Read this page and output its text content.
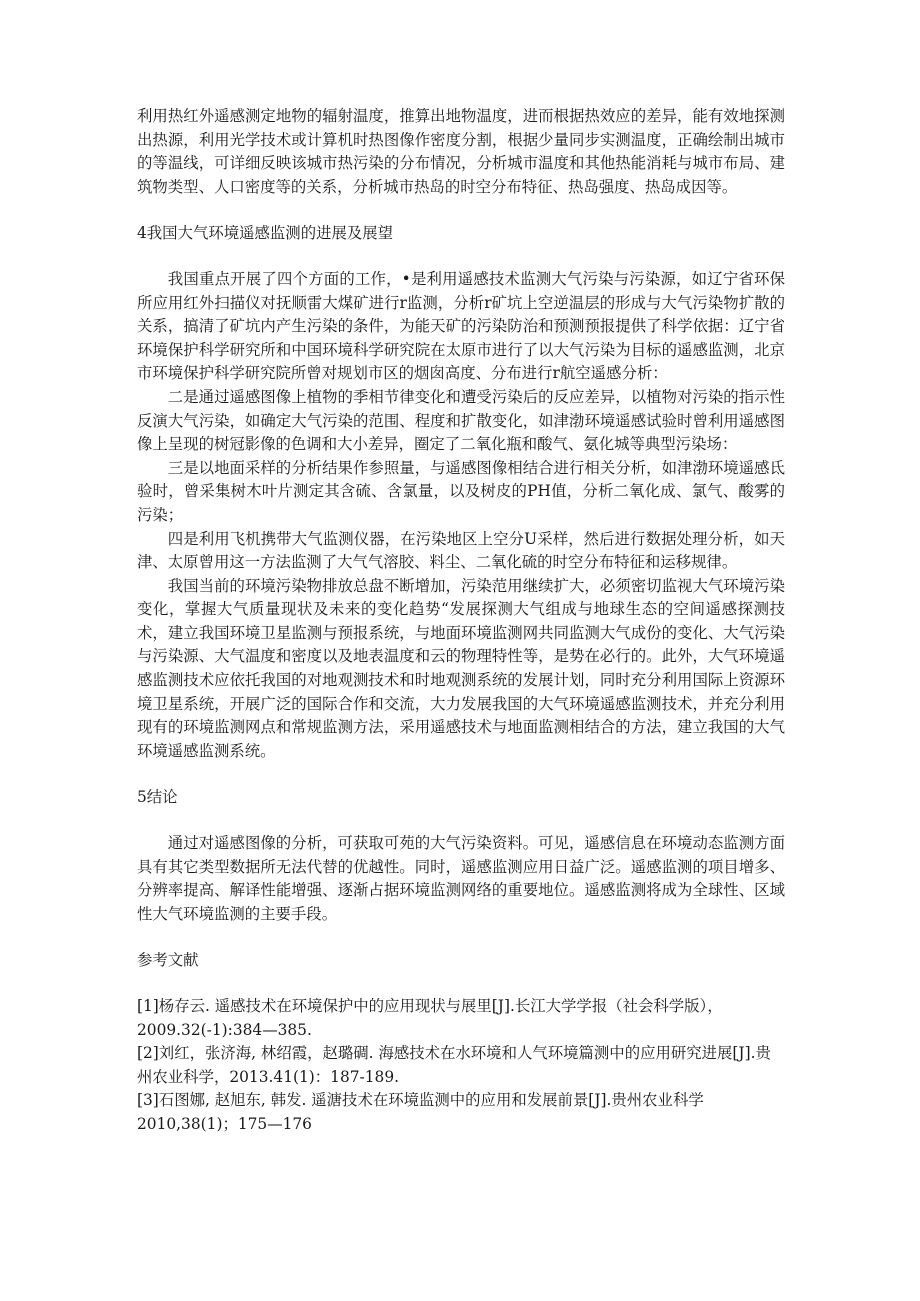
利用热红外遥感测定地物的辐射温度，推算出地物温度，进而根据热效应的差异，能有效地探测出热源，利用光学技术或计算机时热图像作密度分割，根据少量同步实测温度，正确绘制出城市的等温线，可详细反映该城市热污染的分布情况，分析城市温度和其他热能消耗与城市布局、建筑物类型、人口密度等的关系，分析城市热岛的时空分布特征、热岛强度、热岛成因等。

4我国大气环境遥感监测的进展及展望

我国重点开展了四个方面的工作，•是利用遥感技术监测大气污染与污染源，如辽宁省环保所应用红外扫描仪对抚顺雷大煤矿进行r监测，分析r矿坑上空逆温层的形成与大气污染物扩散的关系，搞清了矿坑内产生污染的条件，为能天矿的污染防治和预测预报提供了科学依据：辽宁省环境保护科学研究所和中国环境科学研究院在太原市进行了以大气污染为目标的遥感监测，北京市环境保护科学研究院所曾对规划市区的烟囱高度、分布进行r航空遥感分析：

二是通过遥感图像上植物的季相节律变化和遭受污染后的反应差异，以植物对污染的指示性反演大气污染，如确定大气污染的范围、程度和扩散变化，如津渤环境遥感试验时曾利用遥感图像上呈现的树冠影像的色调和大小差异，圈定了二氧化瓶和酸气、氨化城等典型污染场：

三是以地面采样的分析结果作参照量，与遥感图像相结合进行相关分析，如津渤环境遥感氐验时，曾采集树木叶片测定其含硫、含氯量，以及树皮的PH值，分析二氧化成、氯气、酸雾的污染；

四是利用飞机携带大气监测仪器，在污染地区上空分U采样，然后进行数据处理分析，如天津、太原曾用这一方法监测了大气气溶胶、料尘、二氧化硫的时空分布特征和运移规律。

我国当前的环境污染物排放总盘不断增加，污染范用继续扩大，必须密切监视大气环境污染变化，掌握大气质量现状及未来的变化趋势“发展探测大气组成与地球生态的空间遥感探测技术，建立我国环境卫星监测与预报系统，与地面环境监测网共同监测大气成份的变化、大气污染与污染源、大气温度和密度以及地表温度和云的物理特性等，是势在必行的。此外，大气环境遥感监测技术应依托我国的对地观测技术和时地观测系统的发展计划，同时充分利用国际上资源环境卫星系统，开展广泛的国际合作和交流，大力发展我国的大气环境遥感监测技术，并充分利用现有的环境监测网点和常规监测方法，采用遥感技术与地面监测相结合的方法，建立我国的大气环境遥感监测系统。

5结论

通过对遥感图像的分析，可获取可苑的大气污染资料。可见，遥感信息在环境动态监测方面具有其它类型数据所无法代替的优越性。同时，遥感监测应用日益广泛。遥感监测的项目增多、分辨率提高、解译性能增强、逐渐占据环境监测网络的重要地位。遥感监测将成为全球性、区域性大气环境监测的主要手段。

参考文献

[1]杨存云. 遥感技术在环境保护中的应用现状与展里[J].长江大学学报（社会科学版），2009.32(-1):384—385.

[2]刘红，张济海, 林绍霞，赵璐碉. 海感技术在水环境和人气环境篇测中的应用研究进展[J].贵州农业科学，2013.41(1)：187-189.

[3]石图娜, 赵旭东, 韩发. 遥溏技术在环境监测中的应用和发展前景[J].贵州农业科学2010,38(1)；175—176
